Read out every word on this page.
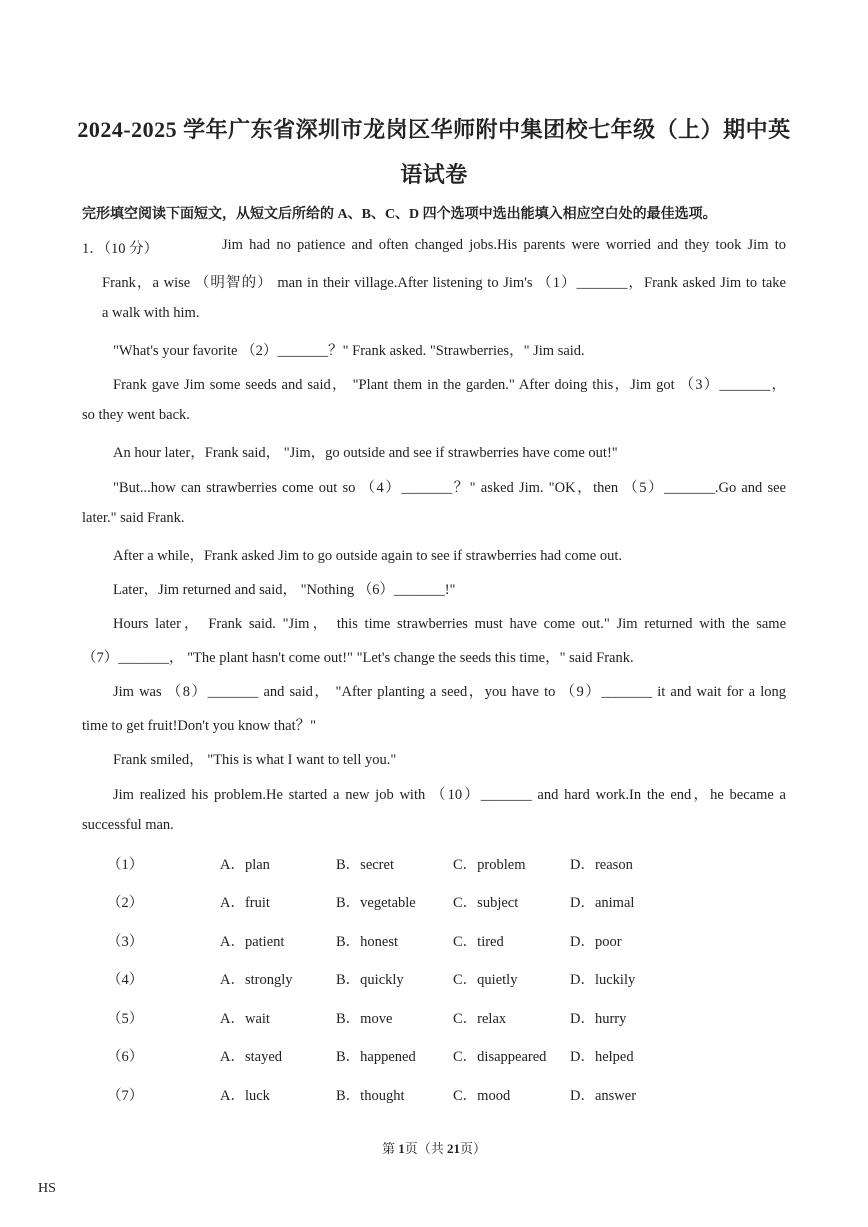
2024-2025 学年广东省深圳市龙岗区华师附中集团校七年级（上）期中英
语试卷
完形填空阅读下面短文，从短文后所给的 A、B、C、D 四个选项中选出能填入相应空白处的最佳选项。
1．（10 分）	Jim had no patience and often changed jobs.His parents were worried and they took Jim to
Frank，a wise （明智的） man in their village.After listening to Jim's （1）_______，Frank asked Jim to take
a walk with him.
"What's your favorite （2）_______？" Frank asked. "Strawberries，" Jim said.
Frank gave Jim some seeds and said， "Plant them in the garden." After doing this，Jim got （3）_______，
so they went back.
An hour later，Frank said， "Jim，go outside and see if strawberries have come out!"
"But...how can strawberries come out so （4）_______？" asked Jim. "OK，then （5）_______.Go and see
later." said Frank.
After a while，Frank asked Jim to go outside again to see if strawberries had come out.
Later，Jim returned and said， "Nothing （6）_______!"
Hours later， Frank said. "Jim， this time strawberries must have come out." Jim returned with the same
（7）_______， "The plant hasn't come out!" "Let's change the seeds this time，" said Frank.
Jim was （8）_______ and said， "After planting a seed，you have to （9）_______ it and wait for a long
time to get fruit!Don't you know that？"
Frank smiled， "This is what I want to tell you."
Jim realized his problem.He started a new job with （10）_______ and hard work.In the end，he became a
successful man.
（1）	A．plan	B．secret	C．problem	D．reason
（2）	A．fruit	B．vegetable	C．subject	D．animal
（3）	A．patient	B．honest	C．tired	D．poor
（4）	A．strongly	B．quickly	C．quietly	D．luckily
（5）	A．wait	B．move	C．relax	D．hurry
（6）	A．stayed	B．happened	C．disappeared D．helped
（7）	A．luck	B．thought	C．mood	D．answer
第 1页（共 21页）
HS
